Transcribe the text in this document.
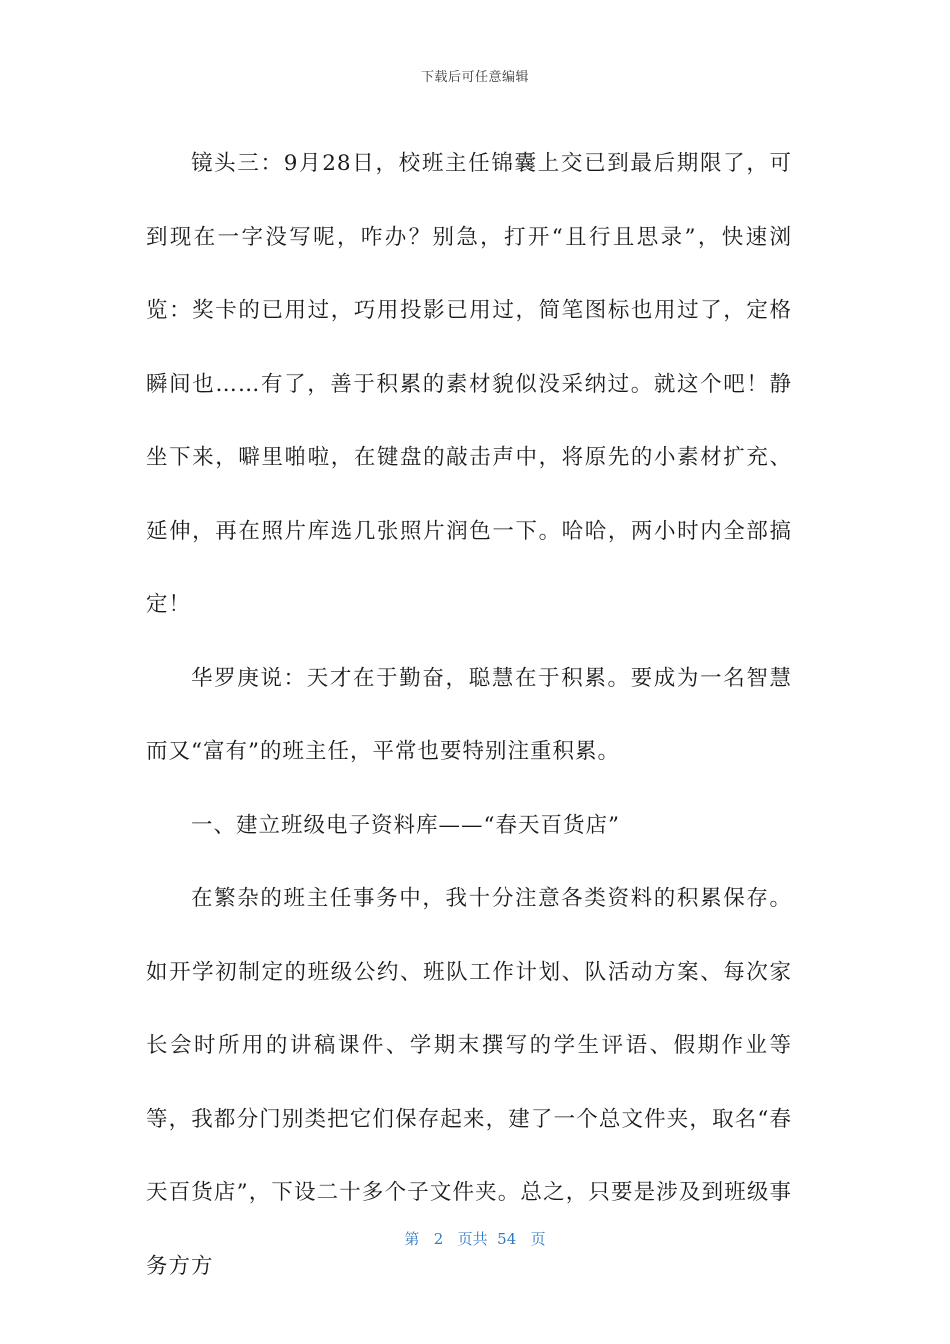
下载后可任意编辑

镜头三：9月28日，校班主任锦囊上交已到最后期限了，可到现在一字没写呢，咋办？别急，打开“且行且思录”，快速浏览：奖卡的已用过，巧用投影已用过，简笔图标也用过了，定格瞬间也……有了，善于积累的素材貌似没采纳过。就这个吧！静坐下来，噼里啪啦，在键盘的敲击声中，将原先的小素材扩充、延伸，再在照片库选几张照片润色一下。哈哈，两小时内全部搞定！

华罗庚说：天才在于勤奋，聪慧在于积累。要成为一名智慧而又“富有”的班主任，平常也要特别注重积累。

一、建立班级电子资料库——“春天百货店”

在繁杂的班主任事务中，我十分注意各类资料的积累保存。如开学初制定的班级公约、班队工作计划、队活动方案、每次家长会时所用的讲稿课件、学期末撰写的学生评语、假期作业等等，我都分门别类把它们保存起来，建了一个总文件夹，取名“春天百货店”，下设二十多个子文件夹。总之，只要是涉及到班级事务方方

第 2 页共 54 页
